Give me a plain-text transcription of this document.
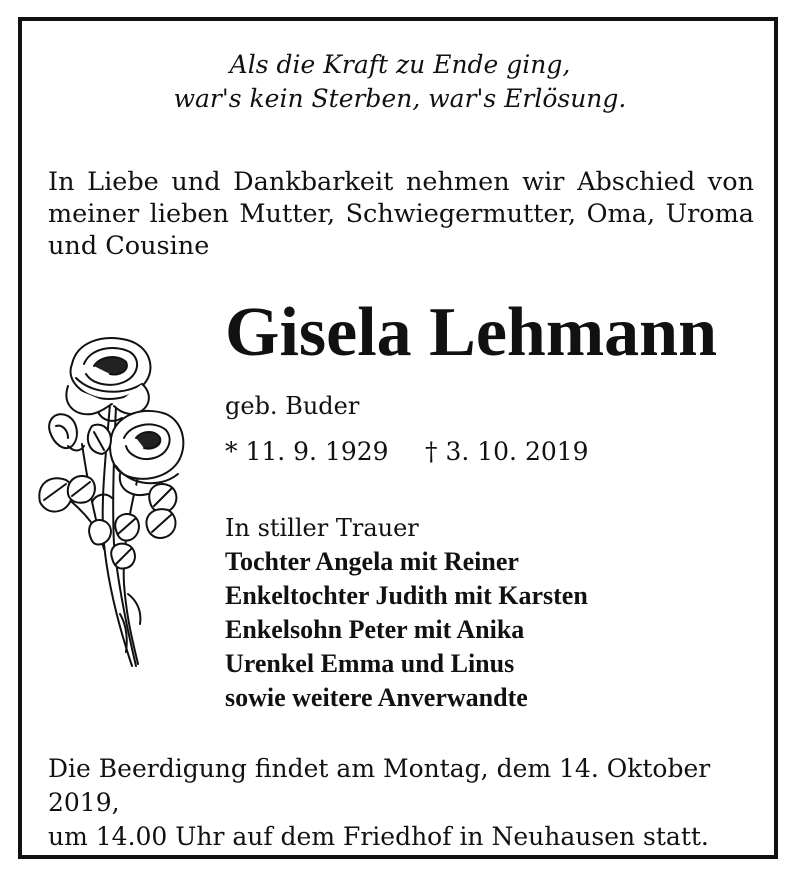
Als die Kraft zu Ende ging,
war's kein Sterben, war's Erlösung.
In Liebe und Dankbarkeit nehmen wir Abschied von meiner lieben Mutter, Schwiegermutter, Oma, Uroma und Cousine
Gisela Lehmann
geb. Buder
* 11. 9. 1929 † 3. 10. 2019
In stiller Trauer
Tochter Angela mit Reiner
Enkeltochter Judith mit Karsten
Enkelsohn Peter mit Anika
Urenkel Emma und Linus
sowie weitere Anverwandte
Die Beerdigung findet am Montag, dem 14. Oktober 2019,
um 14.00 Uhr auf dem Friedhof in Neuhausen statt.
